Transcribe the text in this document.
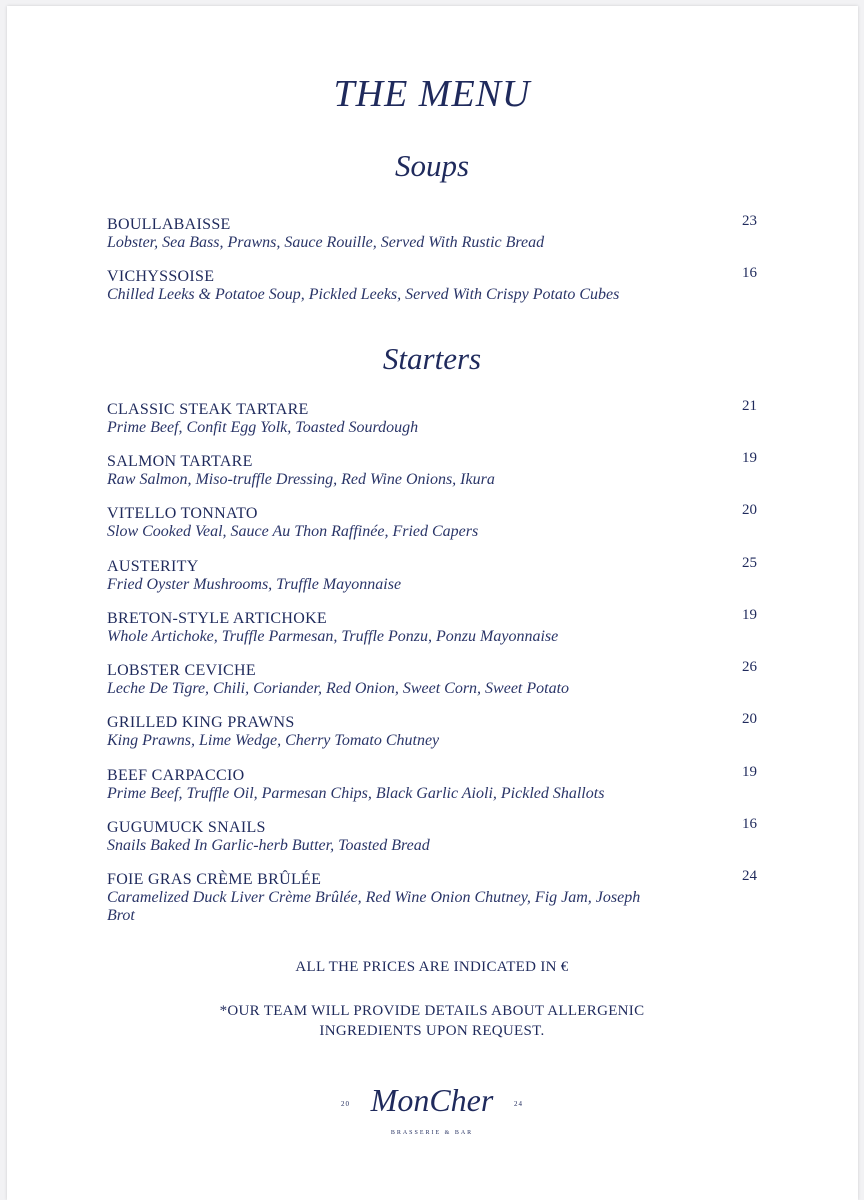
THE MENU
Soups
BOULLABAISSE
Lobster, Sea Bass, Prawns, Sauce Rouille, Served With Rustic Bread
23
VICHYSSOISE
Chilled Leeks & Potatoe Soup, Pickled Leeks, Served With Crispy Potato Cubes
16
Starters
CLASSIC STEAK TARTARE
Prime Beef, Confit Egg Yolk, Toasted Sourdough
21
SALMON TARTARE
Raw Salmon, Miso-truffle Dressing, Red Wine Onions, Ikura
19
VITELLO TONNATO
Slow Cooked Veal, Sauce Au Thon Raffinée, Fried Capers
20
AUSTERITY
Fried Oyster Mushrooms, Truffle Mayonnaise
25
BRETON-STYLE ARTICHOKE
Whole Artichoke, Truffle Parmesan, Truffle Ponzu, Ponzu Mayonnaise
19
LOBSTER CEVICHE
Leche De Tigre, Chili, Coriander, Red Onion, Sweet Corn, Sweet Potato
26
GRILLED KING PRAWNS
King Prawns, Lime Wedge, Cherry Tomato Chutney
20
BEEF CARPACCIO
Prime Beef, Truffle Oil, Parmesan Chips, Black Garlic Aioli, Pickled Shallots
19
GUGUMUCK SNAILS
Snails Baked In Garlic-herb Butter, Toasted Bread
16
FOIE GRAS CRÈME BRÛLÉE
Caramelized Duck Liver Crème Brûlée, Red Wine Onion Chutney, Fig Jam, Joseph Brot
24
ALL THE PRICES ARE INDICATED IN €
*OUR TEAM WILL PROVIDE DETAILS ABOUT ALLERGENIC
INGREDIENTS UPON REQUEST.
20 MonCher	24
BRASSERIE & BAR
